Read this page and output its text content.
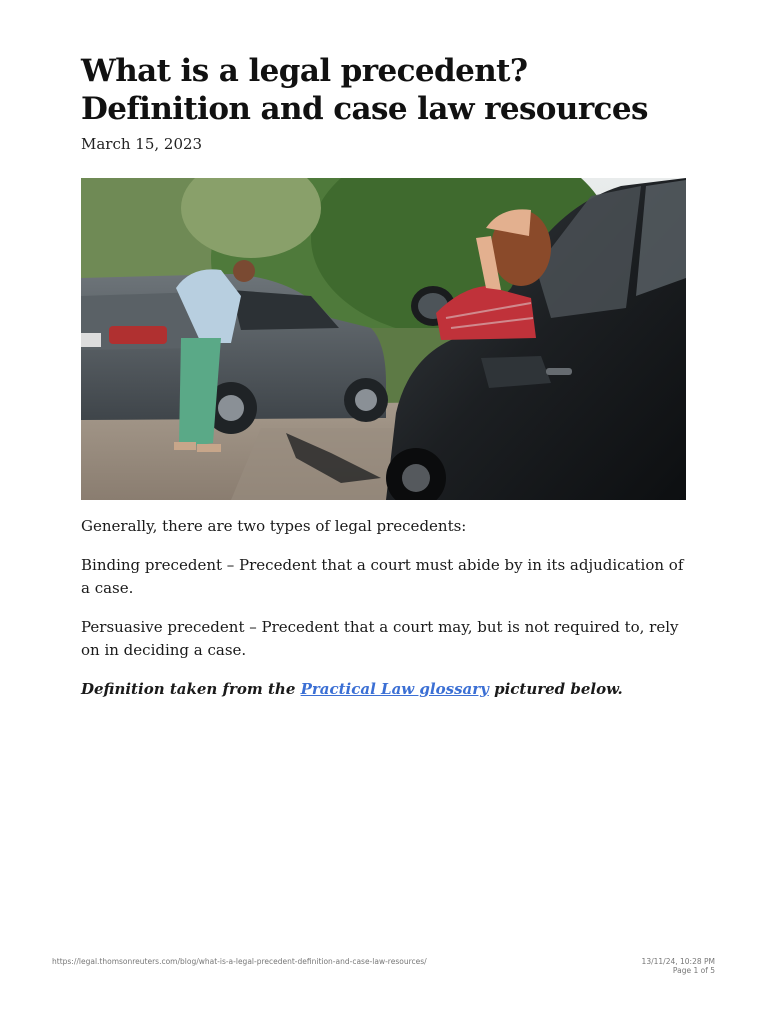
What is a legal precedent? Definition and case law resources

March 15, 2023

Generally, there are two types of legal precedents:

Binding precedent – Precedent that a court must abide by in its adjudication of a case.

Persuasive precedent – Precedent that a court may, but is not required to, rely on in deciding a case.

Definition taken from the Practical Law glossary pictured below.

https://legal.thomsonreuters.com/blog/what-is-a-legal-precedent-definition-and-case-law-resources/	13/11/24, 10:28 PM
Page 1 of 5
